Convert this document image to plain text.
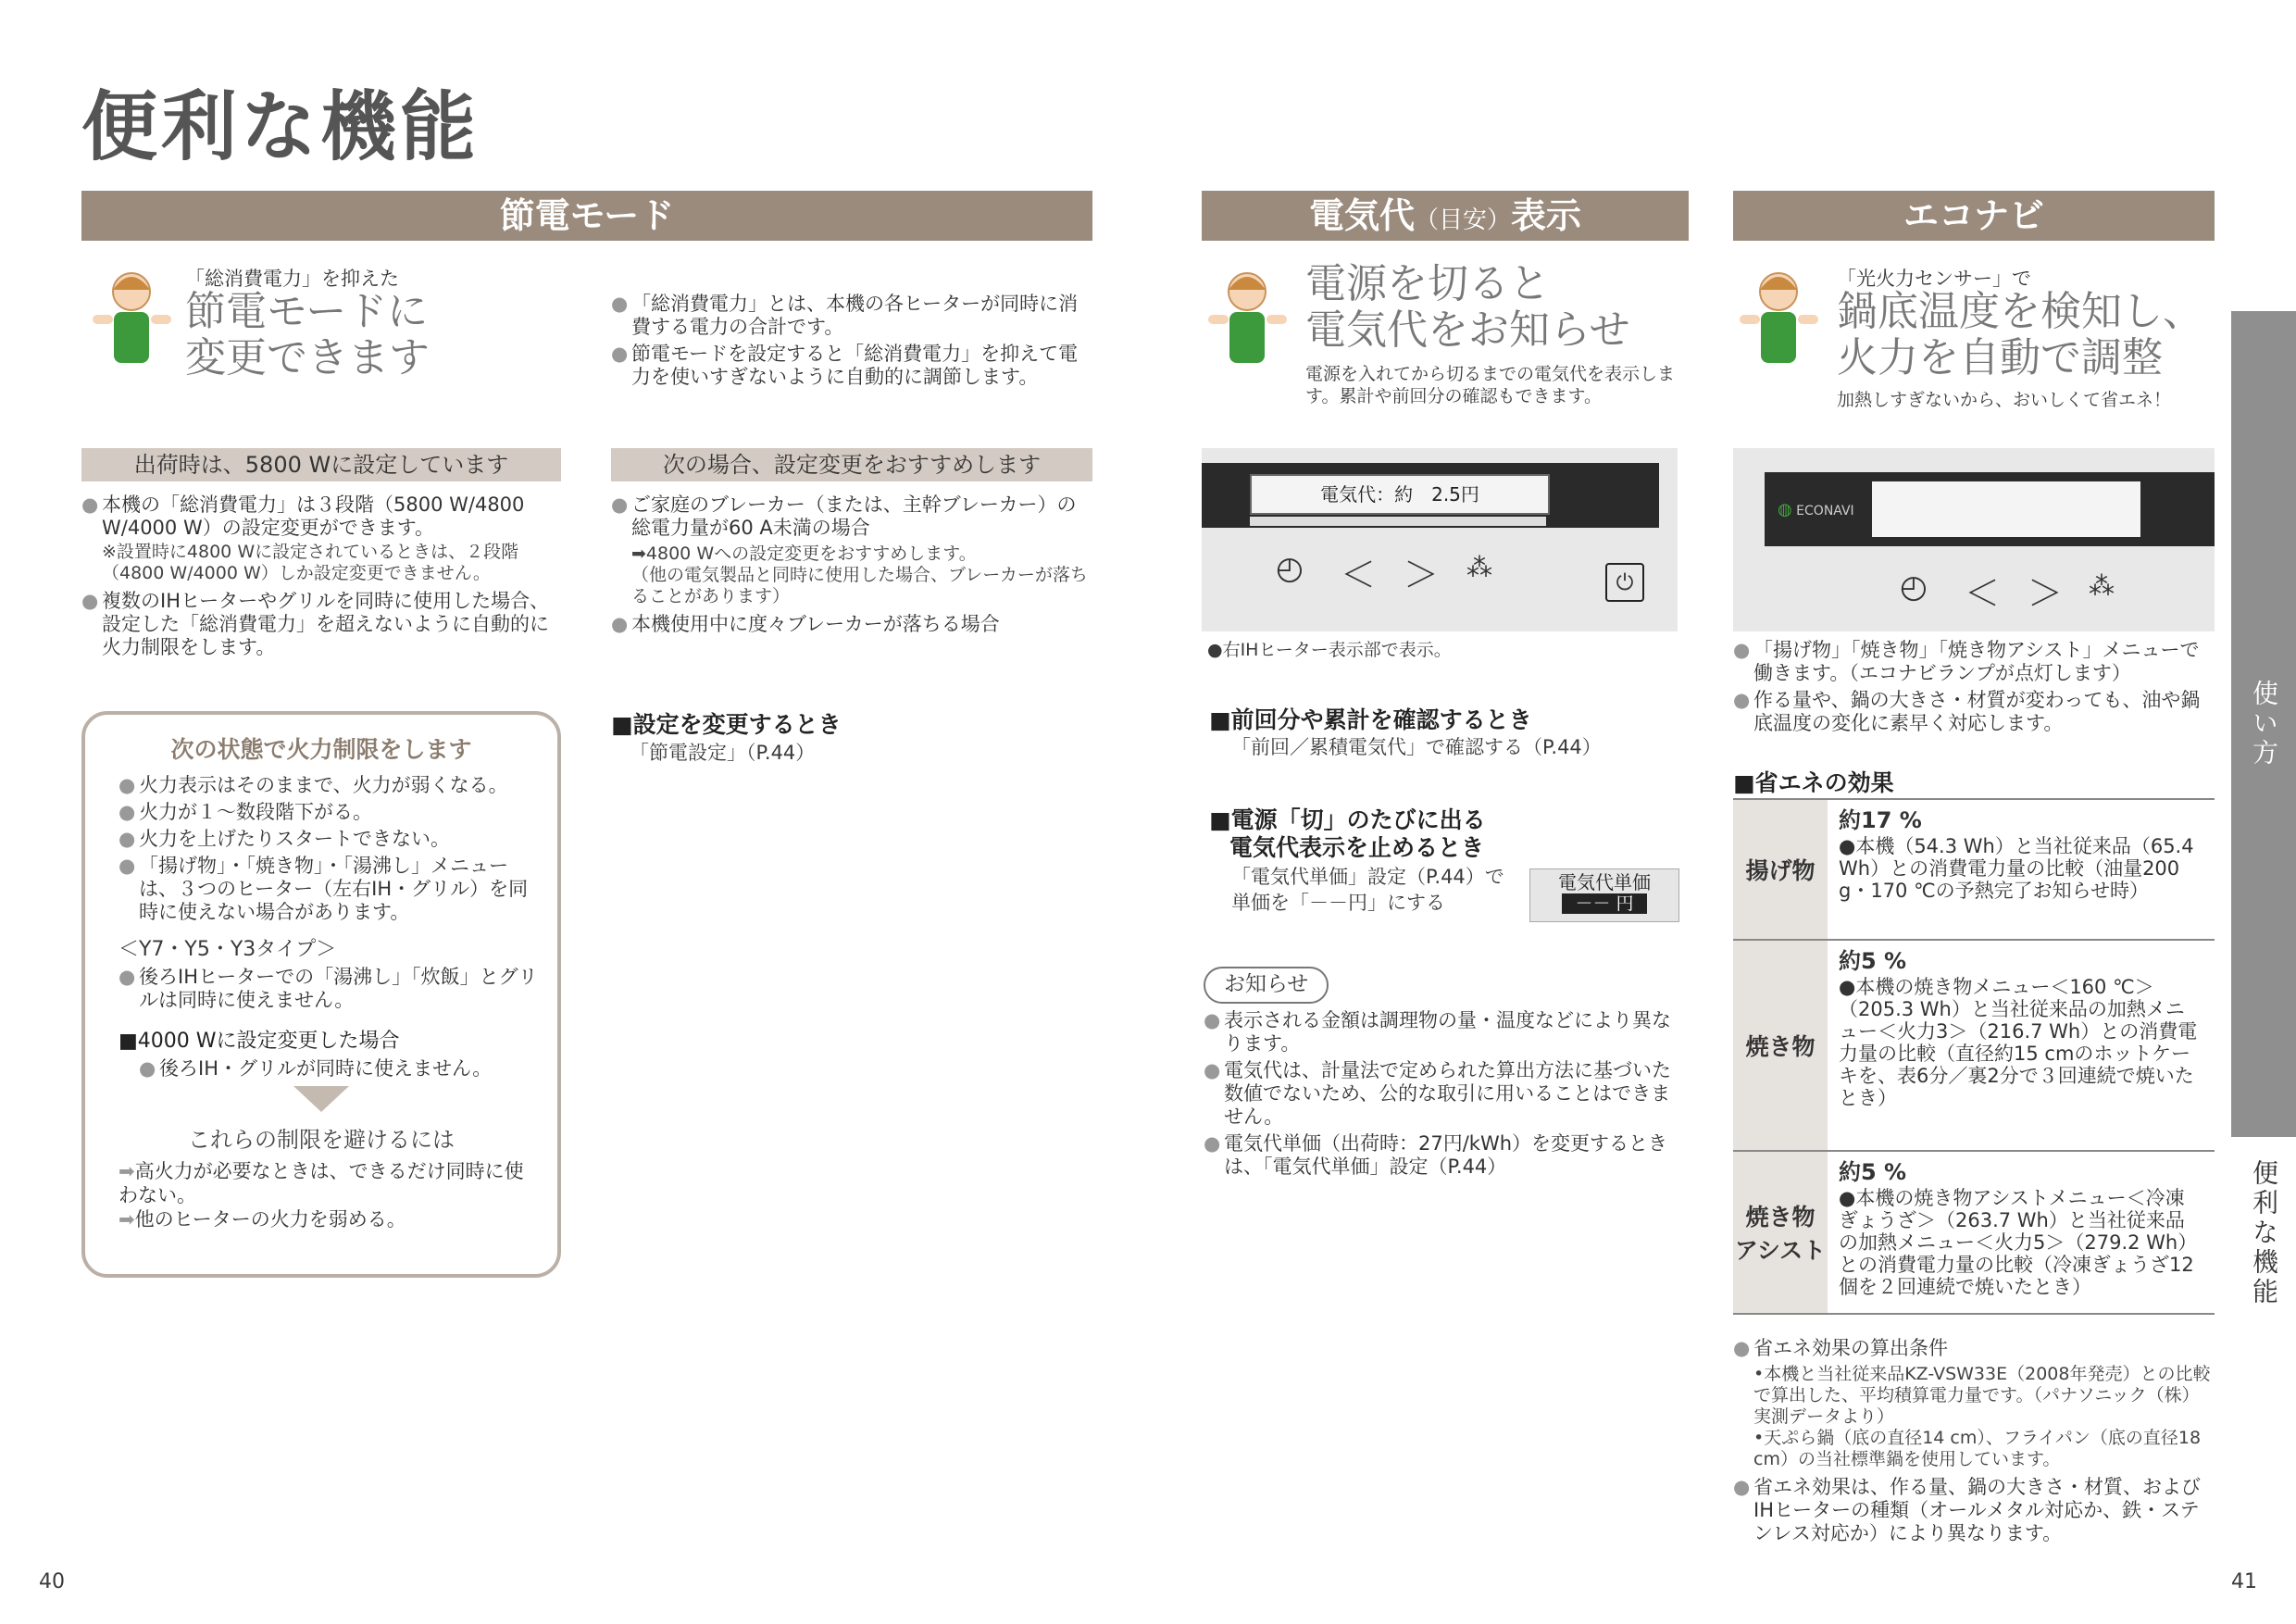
便利な機能
節電モード
「総消費電力」を抑えた
節電モードに
変更できます
● 「総消費電力」とは、本機の各ヒーターが同時に消費する電力の合計です。
● 節電モードを設定すると「総消費電力」を抑えて電力を使いすぎないように自動的に調節します。
出荷時は、5800 Wに設定しています
● 本機の「総消費電力」は３段階（5800 W/4800 W/4000 W）の設定変更ができます。
※設置時に4800 Wに設定されているときは、２段階（4800 W/4000 W）しか設定変更できません。
● 複数のIHヒーターやグリルを同時に使用した場合、設定した「総消費電力」を超えないように自動的に火力制限をします。
次の場合、設定変更をおすすめします
● ご家庭のブレーカー（または、主幹ブレーカー）の総電力量が60 A未満の場合
➡4800 Wへの設定変更をおすすめします。
（他の電気製品と同時に使用した場合、ブレーカーが落ちることがあります）
● 本機使用中に度々ブレーカーが落ちる場合
■設定を変更するとき
「節電設定」（P.44）
次の状態で火力制限をします
● 火力表示はそのままで、火力が弱くなる。
● 火力が１～数段階下がる。
● 火力を上げたりスタートできない。
● 「揚げ物」・「焼き物」・「湯沸し」メニューは、３つのヒーター（左右IH・グリル）を同時に使えない場合があります。
＜Y7・Y5・Y3タイプ＞
● 後ろIHヒーターでの「湯沸し」「炊飯」とグリルは同時に使えません。
■4000 Wに設定変更した場合
● 後ろIH・グリルが同時に使えません。
これらの制限を避けるには
➡高火力が必要なときは、できるだけ同時に使わない。
➡他のヒーターの火力を弱める。
電気代（目安）表示
電源を切ると
電気代をお知らせ
電源を入れてから切るまでの電気代を表示します。累計や前回分の確認もできます。
電気代：約　2.5円
◴ ＜ ＞ ⁂	⏻
●右IHヒーター表示部で表示。
■前回分や累計を確認するとき
「前回／累積電気代」で確認する（P.44）
■電源「切」のたびに出る
電気代表示を止めるとき
「電気代単価」設定（P.44）で
単価を「－－円」にする
電気代単価
－－ 円
お知らせ
● 表示される金額は調理物の量・温度などにより異なります。
● 電気代は、計量法で定められた算出方法に基づいた数値でないため、公的な取引に用いることはできません。
● 電気代単価（出荷時：27円/kWh）を変更するときは、「電気代単価」設定（P.44）
エコナビ
「光火力センサー」で
鍋底温度を検知し、
火力を自動で調整
加熱しすぎないから、おいしくて省エネ！
◍ ECONAVI
◴ ＜ ＞ ⁂
● 「揚げ物」「焼き物」「焼き物アシスト」メニューで働きます。（エコナビランプが点灯します）
● 作る量や、鍋の大きさ・材質が変わっても、油や鍋底温度の変化に素早く対応します。
■省エネの効果
揚げ物	約17 %
●本機（54.3 Wh）と当社従来品（65.4 Wh）との消費電力量の比較（油量200 g・170 ℃の予熱完了お知らせ時）

焼き物	約5 %
●本機の焼き物メニュー＜160 ℃＞（205.3 Wh）と当社従来品の加熱メニュー＜火力3＞（216.7 Wh）との消費電力量の比較（直径約15 cmのホットケーキを、表6分／裏2分で３回連続で焼いたとき）

焼き物アシスト	約5 %
●本機の焼き物アシストメニュー＜冷凍ぎょうざ＞（263.7 Wh）と当社従来品の加熱メニュー＜火力5＞（279.2 Wh）との消費電力量の比較（冷凍ぎょうざ12個を２回連続で焼いたとき）
● 省エネ効果の算出条件
•本機と当社従来品KZ-VSW33E（2008年発売）との比較で算出した、平均積算電力量です。（パナソニック（株）実測データより）
•天ぷら鍋（底の直径14 cm）、フライパン（底の直径18 cm）の当社標準鍋を使用しています。
● 省エネ効果は、作る量、鍋の大きさ・材質、およびIHヒーターの種類（オールメタル対応か、鉄・ステンレス対応か）により異なります。
使い方
便利な機能
40	41
